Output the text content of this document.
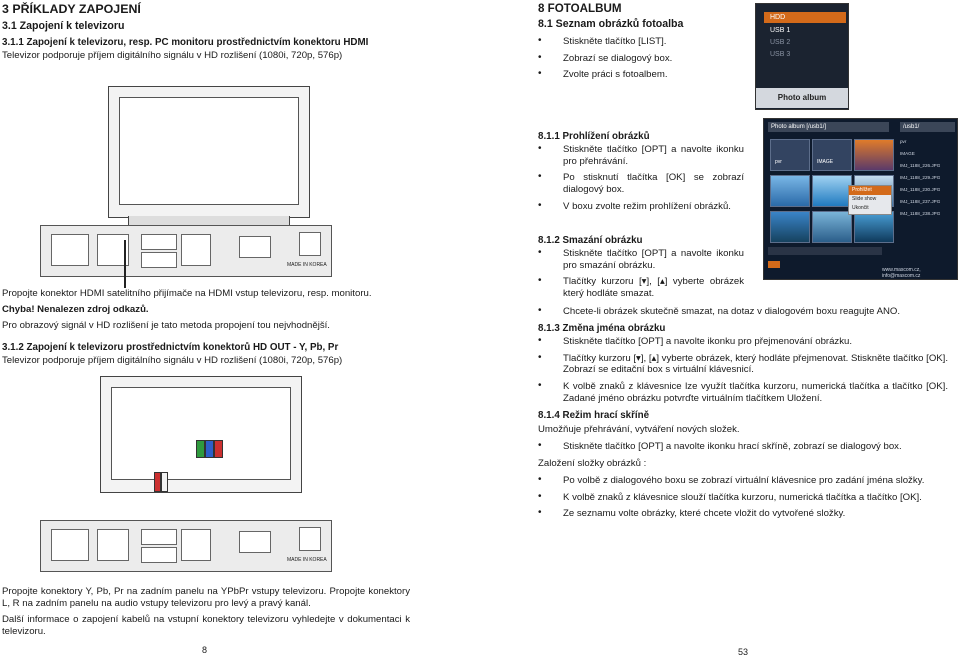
3 PŘÍKLADY ZAPOJENÍ
3.1 Zapojení k televizoru
3.1.1 Zapojení k televizoru, resp. PC monitoru prostřednictvím konektoru HDMI
Televizor podporuje příjem digitálního signálu v HD rozlišení (1080i, 720p, 576p)
MADE IN KOREA
Propojte konektor HDMI satelitního přijímače na HDMI vstup televizoru, resp. monitoru.
Chyba! Nenalezen zdroj odkazů.
Pro obrazový signál v HD rozlišení je tato metoda propojení tou nejvhodnější.
3.1.2 Zapojení k televizoru prostřednictvím konektorů HD OUT - Y, Pb, Pr
Televizor podporuje příjem digitálního signálu v HD rozlišení (1080i, 720p, 576p)
MADE IN KOREA
Propojte konektory Y, Pb, Pr na zadním panelu na YPbPr vstupy televizoru. Propojte konektory L, R na zadním panelu na audio vstupy televizoru pro levý a pravý kanál.
Další informace o zapojení kabelů na vstupní konektory televizoru vyhledejte v dokumentaci k televizoru.
8
8 FOTOALBUM
8.1 Seznam obrázků fotoalba
• Stiskněte tlačítko [LIST].
• Zobrazí se dialogový box.
• Zvolte práci s fotoalbem.
HDD
USB 1
USB 2
USB 3
Photo album
8.1.1 Prohlížení obrázků
• Stiskněte tlačítko [OPT] a navolte ikonku pro přehrávání.
• Po stisknutí tlačítka [OK] se zobrazí dialogový box.
• V boxu zvolte režim prohlížení obrázků.
Photo album [/usb1/]	/usb1/
pvr	IMAGE
Prohlížet
Slide show
Ukončit
pvr
IMAGE
IMJ_1188_226.JPG
IMJ_1188_229.JPG
IMJ_1188_230.JPG
IMJ_1188_237.JPG
IMJ_1188_238.JPG
www.mascom.cz, info@mascom.cz
8.1.2 Smazání obrázku
• Stiskněte tlačítko [OPT] a navolte ikonku pro smazání obrázku.
• Tlačítky kurzoru [▾], [▴] vyberte obrázek který hodláte smazat.
• Chcete-li obrázek skutečně smazat, na dotaz v dialogovém boxu reagujte ANO.
8.1.3 Změna jména obrázku
• Stiskněte tlačítko [OPT] a navolte ikonku pro přejmenování obrázku.
• Tlačítky kurzoru [▾], [▴] vyberte obrázek, který hodláte přejmenovat. Stiskněte tlačítko [OK]. Zobrazí se editační box s virtuální klávesnicí.
• K volbě znaků z klávesnice lze využít tlačítka kurzoru, numerická tlačítka a tlačítko [OK]. Zadané jméno obrázku potvrďte virtuálním tlačítkem Uložení.
8.1.4 Režim hrací skříně
Umožňuje přehrávání, vytváření nových složek.
• Stiskněte tlačítko [OPT] a navolte ikonku hrací skříně, zobrazí se dialogový box.
Založení složky obrázků :
• Po volbě z dialogového boxu se zobrazí virtuální klávesnice pro zadání jména složky.
• K volbě znaků z klávesnice slouží tlačítka kurzoru, numerická tlačítka a tlačítko [OK].
• Ze seznamu volte obrázky, které chcete vložit do vytvořené složky.
53
